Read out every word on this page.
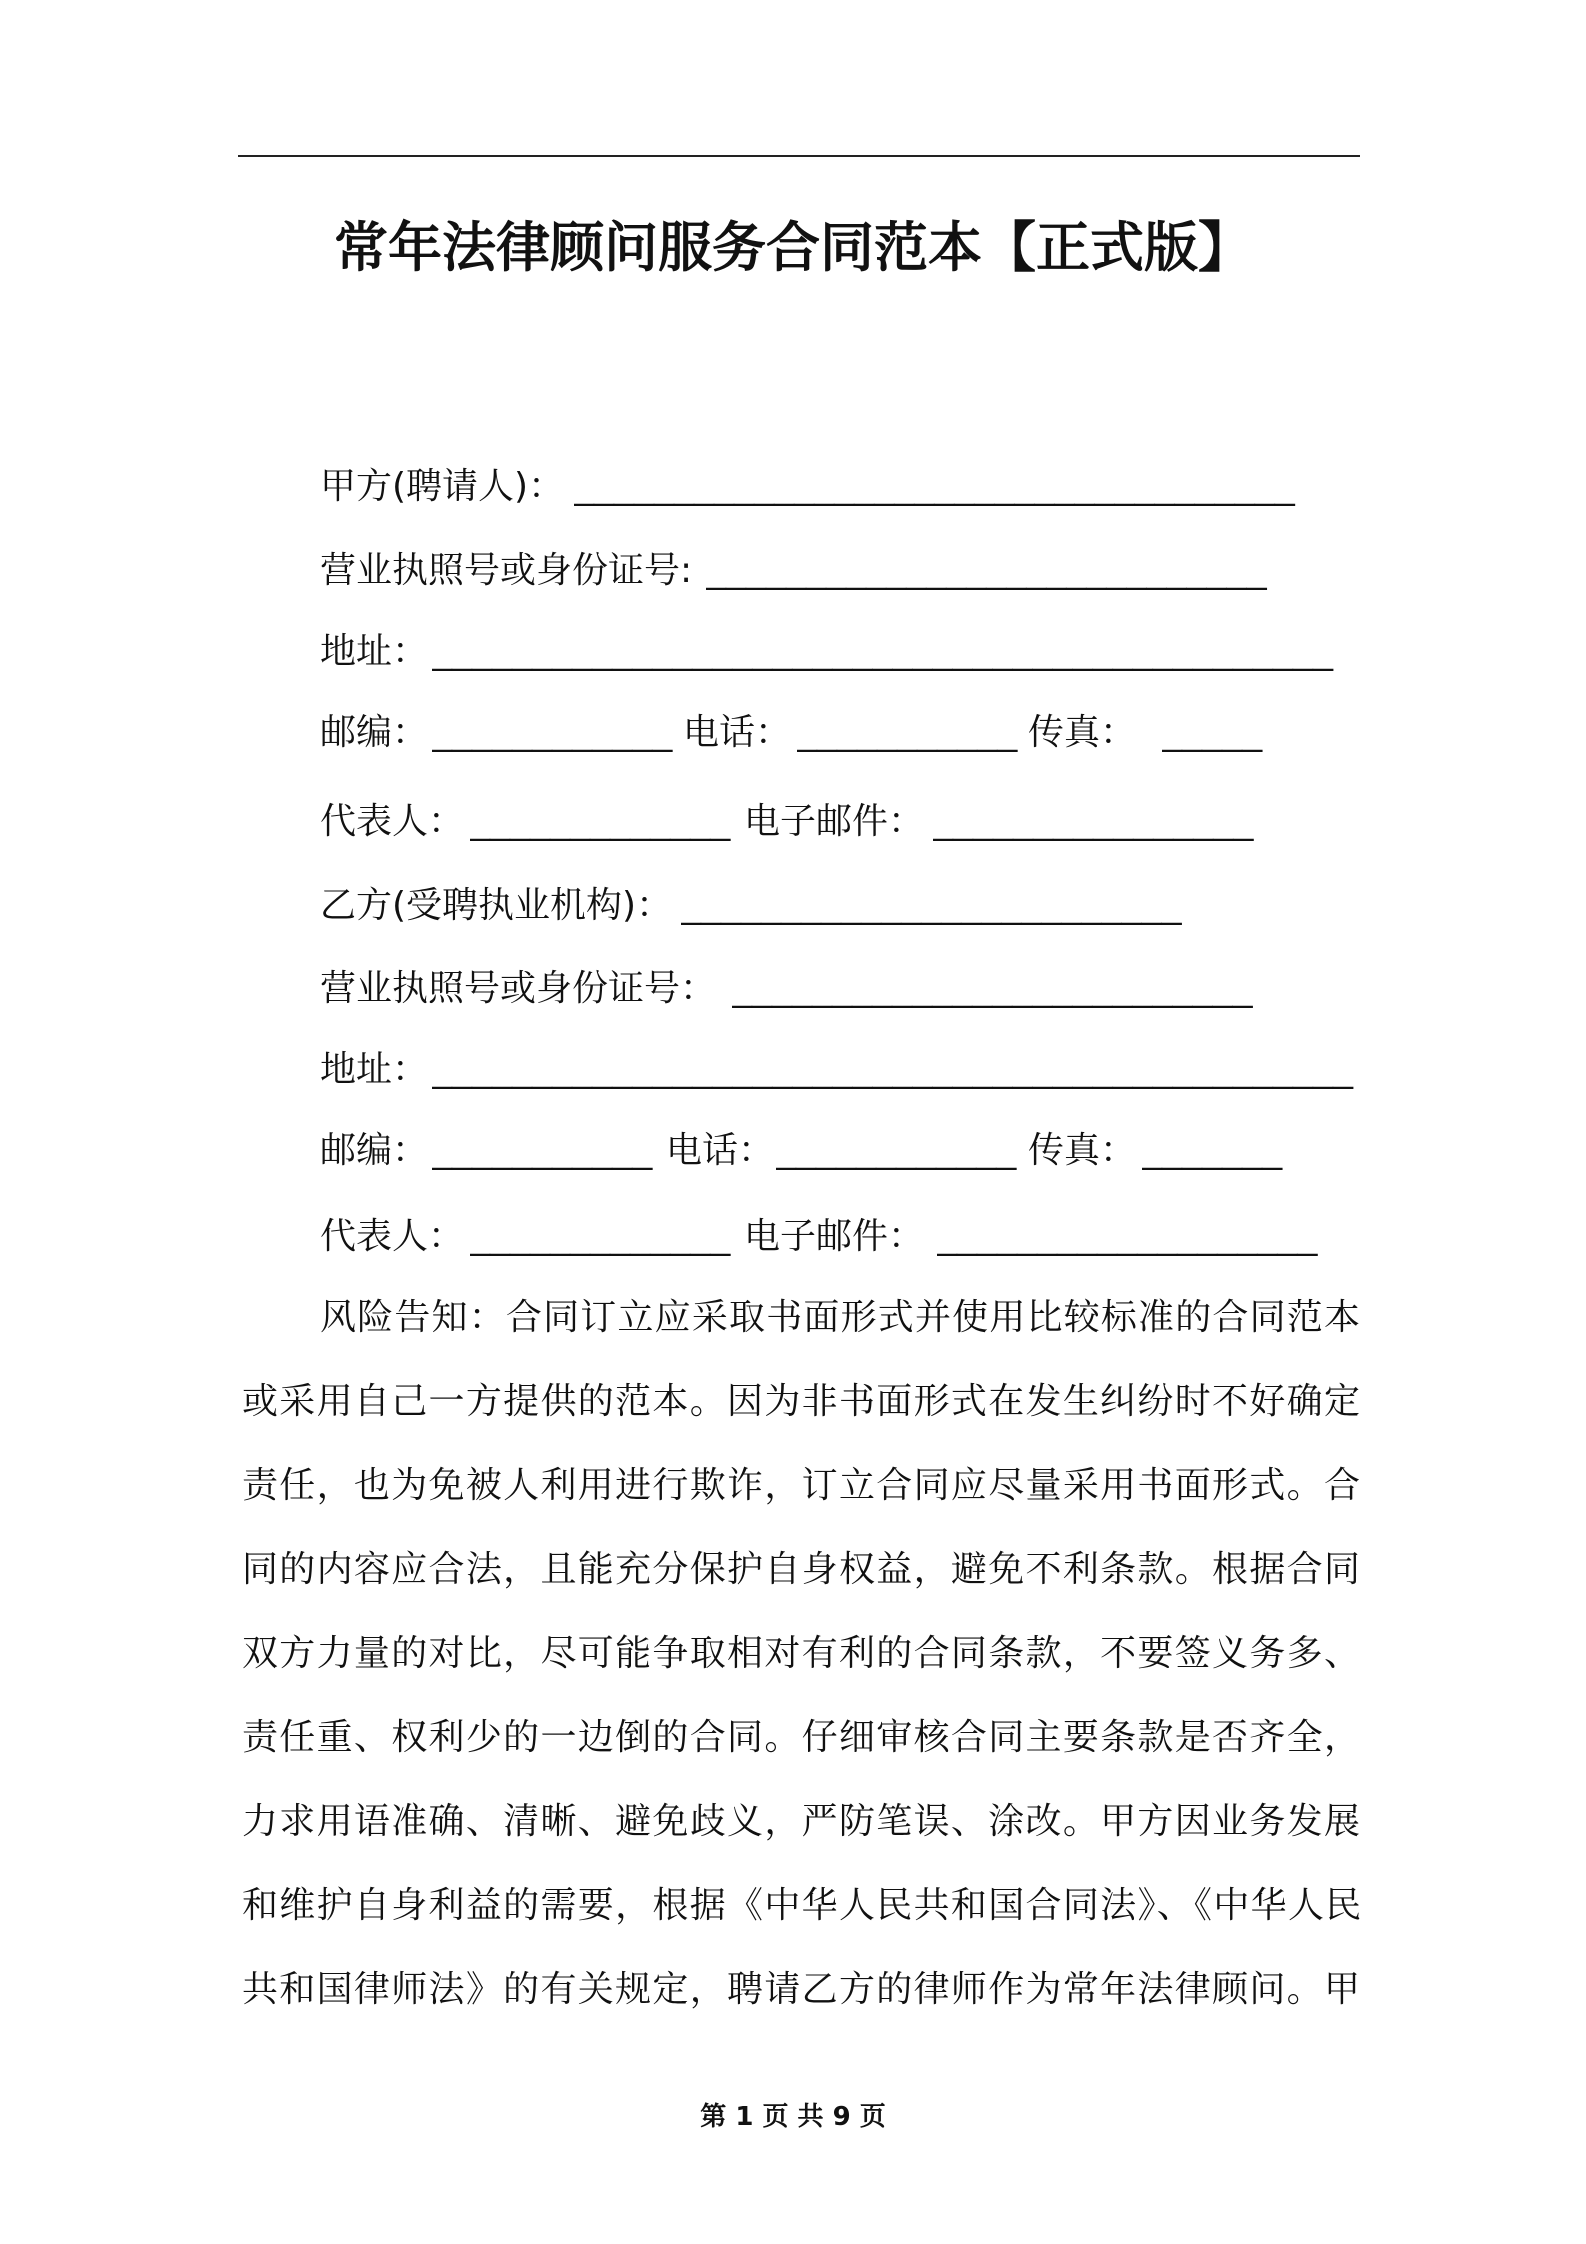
常年法律顾问服务合同范本【正式版】
甲方(聘请人)： ____________________________________
营业执照号或身份证号: ____________________________
地址： _____________________________________________
邮编： ____________ 电话： ___________ 传真： _____
代表人： _____________ 电子邮件： ________________
乙方(受聘执业机构)： _________________________
营业执照号或身份证号： __________________________
地址： ______________________________________________
邮编： ___________ 电话： ____________ 传真： _______
代表人： _____________ 电子邮件： ___________________
风险告知：合同订立应采取书面形式并使用比较标准的合同范本
或采用自己一方提供的范本。因为非书面形式在发生纠纷时不好确定
责任，也为免被人利用进行欺诈，订立合同应尽量采用书面形式。合
同的内容应合法，且能充分保护自身权益，避免不利条款。根据合同
双方力量的对比，尽可能争取相对有利的合同条款，不要签义务多、
责任重、权利少的一边倒的合同。仔细审核合同主要条款是否齐全，
力求用语准确、清晰、避免歧义，严防笔误、涂改。甲方因业务发展
和维护自身利益的需要，根据《中华人民共和国合同法》、《中华人民
共和国律师法》的有关规定，聘请乙方的律师作为常年法律顾问。甲
第 1 页 共 9 页
